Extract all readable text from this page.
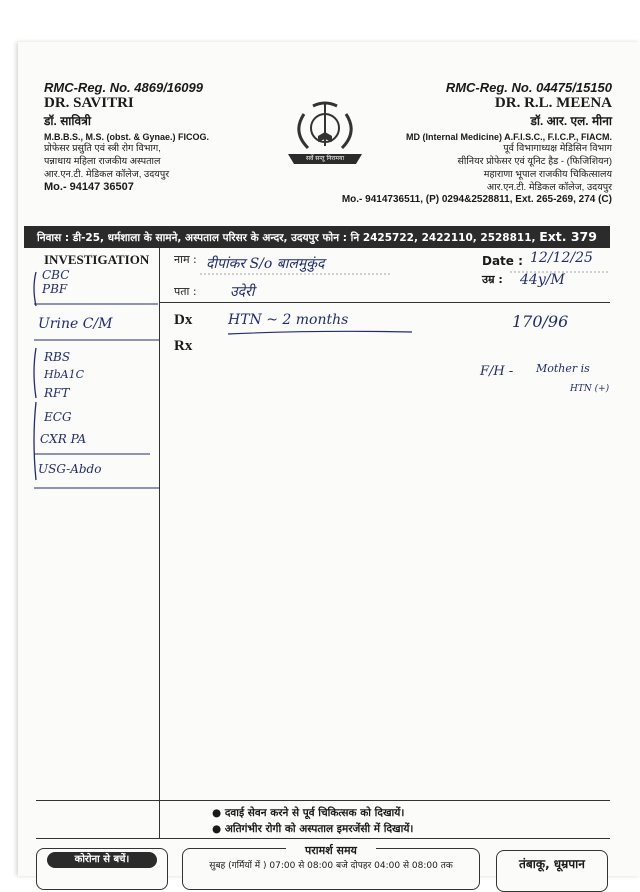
RMC-Reg. No. 4869/16099
DR. SAVITRI
डॉ. सावित्री
M.B.B.S., M.S. (obst. & Gynae.) FICOG.
प्रोफेसर प्रसुति एवं स्त्री रोग विभाग,
पन्नाधाय महिला राजकीय अस्पताल
आर.एन.टी. मेडिकल कॉलेज, उदयपुर
Mo.- 94147 36507
सर्वे सन्तु निरामया
RMC-Reg. No. 04475/15150
DR. R.L. MEENA
डॉ. आर. एल. मीना
MD (Internal Medicine) A.F.I.S.C., F.I.C.P., FIACM.
पूर्व विभागाध्यक्ष मेडिसिन विभाग
सीनियर प्रोफेसर एवं यूनिट हैड - (फिजिशियन)
महाराणा भूपाल राजकीय चिकित्सालय
आर.एन.टी. मेडिकल कॉलेज, उदयपुर
Mo.- 9414736511, (P) 0294&2528811, Ext. 265-269, 274 (C)
निवास : डी-25, धर्मशाला के सामने, अस्पताल परिसर के अन्दर, उदयपुर फोन : नि 2425722, 2422110, 2528811, Ext. 379
INVESTIGATION
CBC
PBF
Urine C/M
RBS
HbA1C
RFT
ECG
CXR PA
USG-Abdo
नाम : दीपांकर S/o बालमुकुंद
पता : उदेरी
Date : 12/12/25
उम्र : 44y/M
Dx
Rx
HTN ~ 2 months	170/96
F/H - Mother is
HTN (+)
● दवाई सेवन करने से पूर्व चिकित्सक को दिखायें।
● अतिगंभीर रोगी को अस्पताल इमरजेंसी में दिखायें।
कोरोना से बचें।
परामर्श समय
सुबह (गर्मियों में ) 07:00 से 08:00 बजे दोपहर 04:00 से 08:00 तक	तंबाकू, धूम्रपान
